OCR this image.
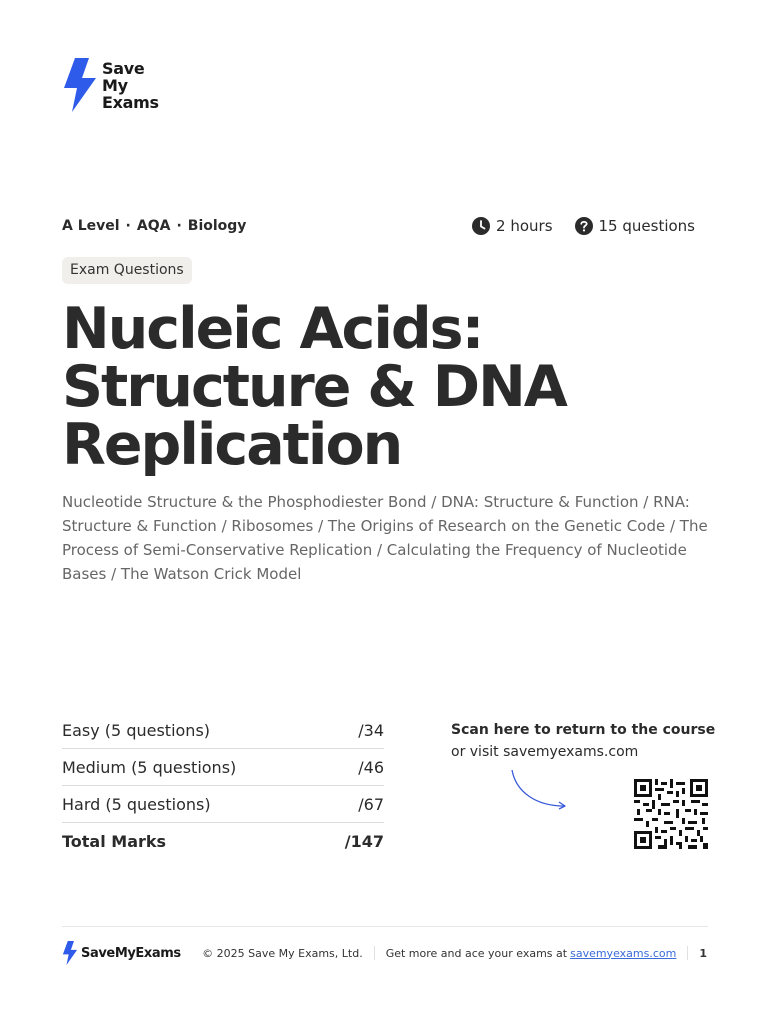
Save
My
Exams
A Level · AQA · Biology	2 hours	15 questions
Exam Questions
Nucleic Acids: Structure & DNA Replication

Nucleotide Structure & the Phosphodiester Bond / DNA: Structure & Function / RNA: Structure & Function / Ribosomes / The Origins of Research on the Genetic Code / The Process of Semi-Conservative Replication / Calculating the Frequency of Nucleotide Bases / The Watson Crick Model

Easy (5 questions)	/34
Medium (5 questions)	/46
Hard (5 questions)	/67
Total Marks	/147
Scan here to return to the course
or visit savemyexams.com
SaveMyExams © 2025 Save My Exams, Ltd. Get more and ace your exams at savemyexams.com 1
